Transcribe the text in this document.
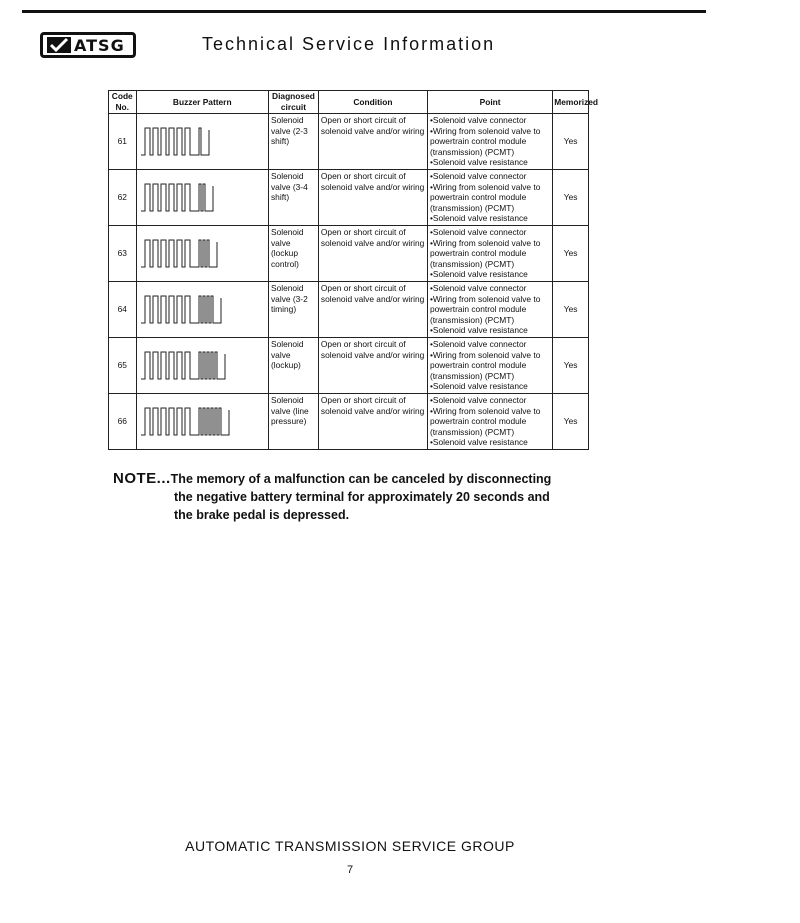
ATSG	Technical Service Information
Code No.	Buzzer Pattern	Diagnosed circuit	Condition	Point	Memorized
61		Solenoid valve (2-3 shift)	Open or short circuit of solenoid valve and/or wiring	•Solenoid valve connector
•Wiring from solenoid valve to powertrain control module (transmission) (PCMT)
•Solenoid valve resistance	Yes
62		Solenoid valve (3-4 shift)	Open or short circuit of solenoid valve and/or wiring	•Solenoid valve connector
•Wiring from solenoid valve to powertrain control module (transmission) (PCMT)
•Solenoid valve resistance	Yes
63		Solenoid valve (lockup control)	Open or short circuit of solenoid valve and/or wiring	•Solenoid valve connector
•Wiring from solenoid valve to powertrain control module (transmission) (PCMT)
•Solenoid valve resistance	Yes
64		Solenoid valve (3-2 timing)	Open or short circuit of solenoid valve and/or wiring	•Solenoid valve connector
•Wiring from solenoid valve to powertrain control module (transmission) (PCMT)
•Solenoid valve resistance	Yes
65		Solenoid valve (lockup)	Open or short circuit of solenoid valve and/or wiring	•Solenoid valve connector
•Wiring from solenoid valve to powertrain control module (transmission) (PCMT)
•Solenoid valve resistance	Yes
66		Solenoid valve (line pressure)	Open or short circuit of solenoid valve and/or wiring	•Solenoid valve connector
•Wiring from solenoid valve to powertrain control module (transmission) (PCMT)
•Solenoid valve resistance	Yes
NOTE...The memory of a malfunction can be canceled by disconnecting
the negative battery terminal for approximately 20 seconds and
the brake pedal is depressed.
AUTOMATIC TRANSMISSION SERVICE GROUP
7
